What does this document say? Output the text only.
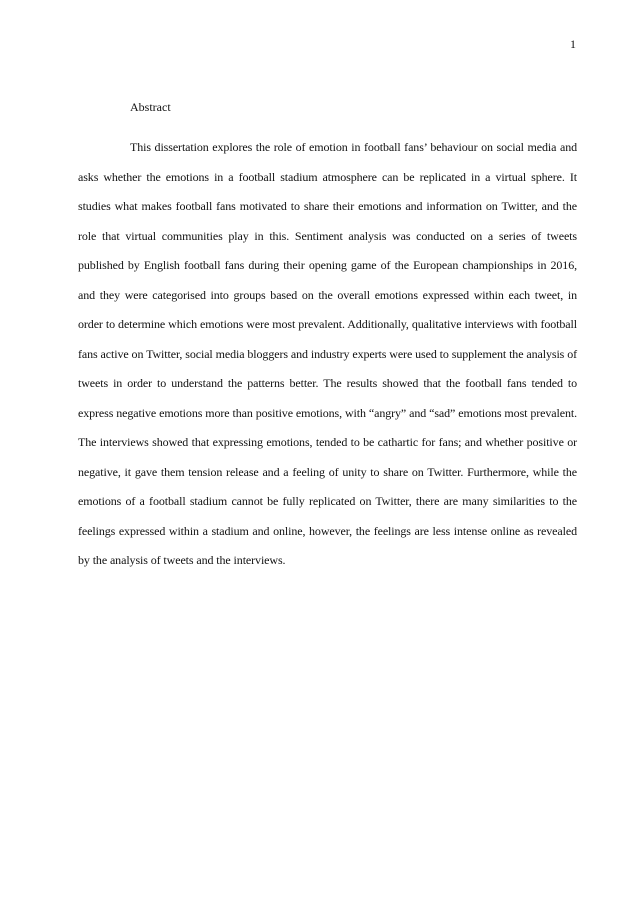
1
Abstract

This dissertation explores the role of emotion in football fans’ behaviour on social media and asks whether the emotions in a football stadium atmosphere can be replicated in a virtual sphere. It studies what makes football fans motivated to share their emotions and information on Twitter, and the role that virtual communities play in this. Sentiment analysis was conducted on a series of tweets published by English football fans during their opening game of the European championships in 2016, and they were categorised into groups based on the overall emotions expressed within each tweet, in order to determine which emotions were most prevalent. Additionally, qualitative interviews with football fans active on Twitter, social media bloggers and industry experts were used to supplement the analysis of tweets in order to understand the patterns better. The results showed that the football fans tended to express negative emotions more than positive emotions, with “angry” and “sad” emotions most prevalent. The interviews showed that expressing emotions, tended to be cathartic for fans; and whether positive or negative, it gave them tension release and a feeling of unity to share on Twitter. Furthermore, while the emotions of a football stadium cannot be fully replicated on Twitter, there are many similarities to the feelings expressed within a stadium and online, however, the feelings are less intense online as revealed by the analysis of tweets and the interviews.
